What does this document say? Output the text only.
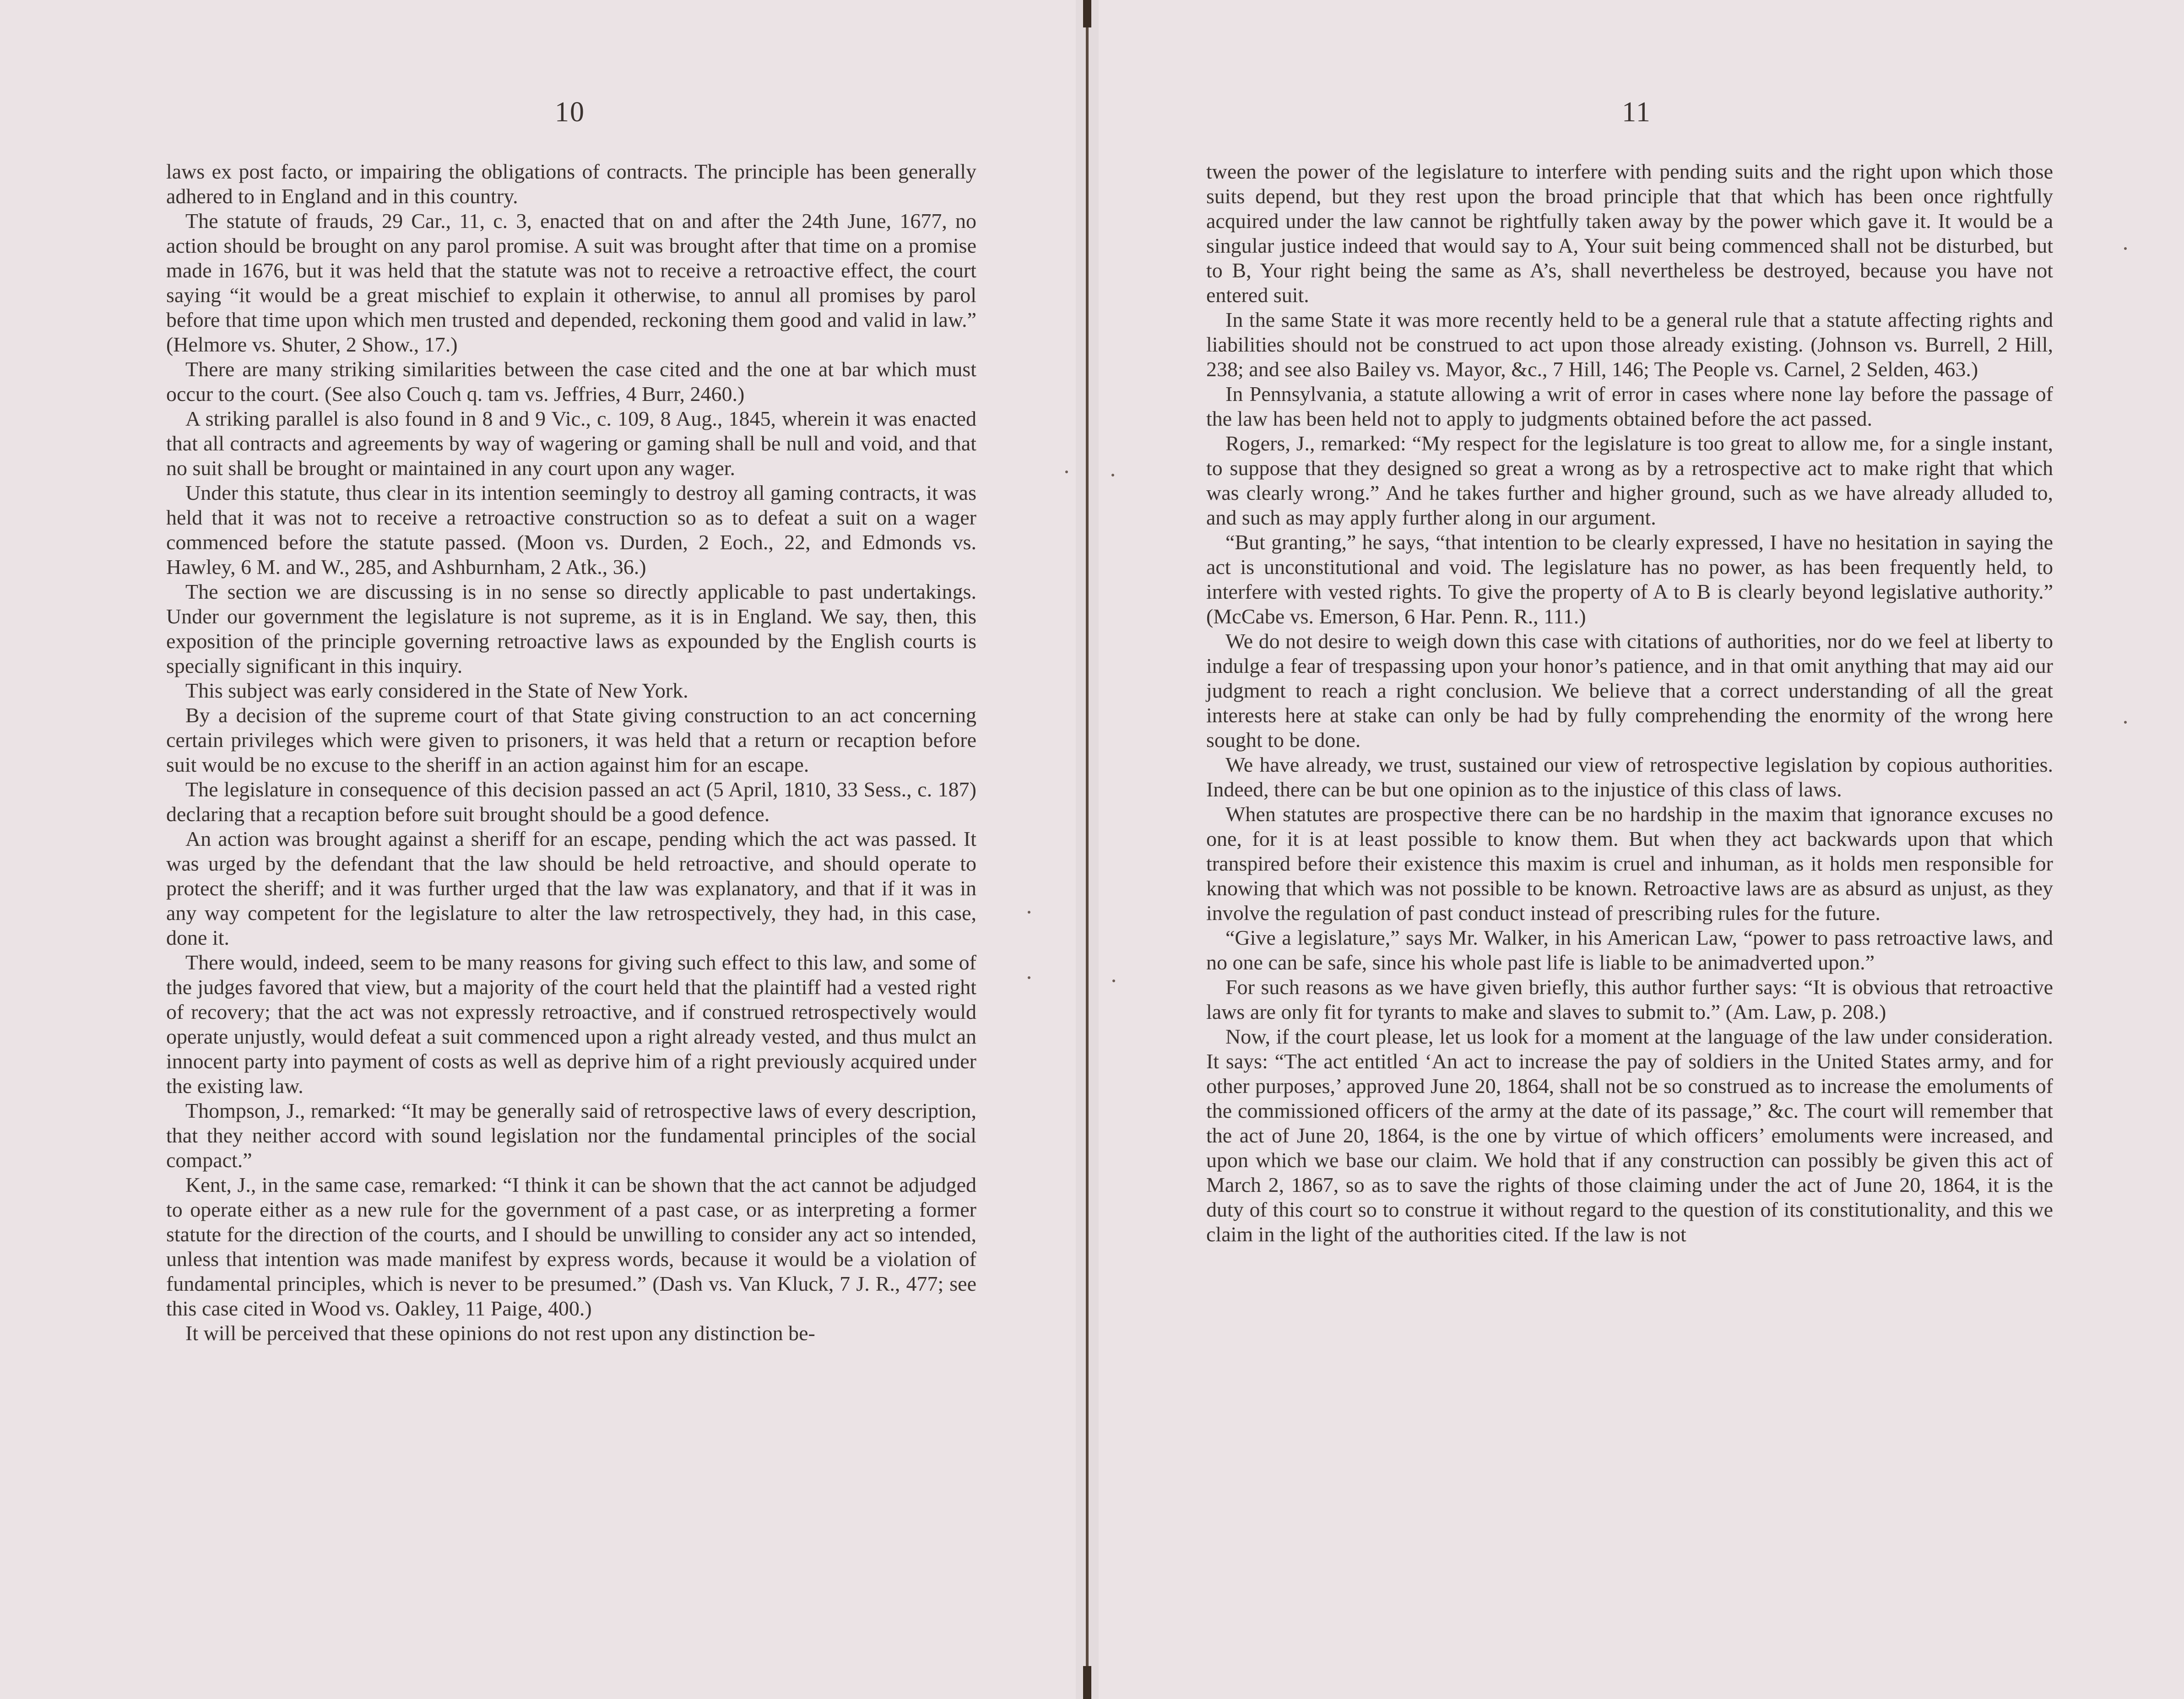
10

laws ex post facto, or impairing the obligations of contracts. The principle has been generally adhered to in England and in this country.

The statute of frauds, 29 Car., 11, c. 3, enacted that on and after the 24th June, 1677, no action should be brought on any parol promise. A suit was brought after that time on a promise made in 1676, but it was held that the statute was not to receive a retroactive effect, the court saying “it would be a great mischief to explain it otherwise, to annul all promises by parol before that time upon which men trusted and depended, reckoning them good and valid in law.” (Helmore vs. Shuter, 2 Show., 17.)

There are many striking similarities between the case cited and the one at bar which must occur to the court. (See also Couch q. tam vs. Jeffries, 4 Burr, 2460.)

A striking parallel is also found in 8 and 9 Vic., c. 109, 8 Aug., 1845, wherein it was enacted that all contracts and agreements by way of wagering or gaming shall be null and void, and that no suit shall be brought or maintained in any court upon any wager.

Under this statute, thus clear in its intention seemingly to destroy all gaming contracts, it was held that it was not to receive a retroactive construction so as to defeat a suit on a wager commenced before the statute passed. (Moon vs. Durden, 2 Eoch., 22, and Edmonds vs. Hawley, 6 M. and W., 285, and Ashburnham, 2 Atk., 36.)

The section we are discussing is in no sense so directly applicable to past undertakings. Under our government the legislature is not supreme, as it is in England. We say, then, this exposition of the principle governing retroactive laws as expounded by the English courts is specially significant in this inquiry.

This subject was early considered in the State of New York.

By a decision of the supreme court of that State giving construction to an act concerning certain privileges which were given to prisoners, it was held that a return or recaption before suit would be no excuse to the sheriff in an action against him for an escape.

The legislature in consequence of this decision passed an act (5 April, 1810, 33 Sess., c. 187) declaring that a recaption before suit brought should be a good defence.

An action was brought against a sheriff for an escape, pending which the act was passed. It was urged by the defendant that the law should be held retroactive, and should operate to protect the sheriff; and it was further urged that the law was explanatory, and that if it was in any way competent for the legislature to alter the law retrospectively, they had, in this case, done it.

There would, indeed, seem to be many reasons for giving such effect to this law, and some of the judges favored that view, but a majority of the court held that the plaintiff had a vested right of recovery; that the act was not expressly retroactive, and if construed retrospectively would operate unjustly, would defeat a suit commenced upon a right already vested, and thus mulct an innocent party into payment of costs as well as deprive him of a right previously acquired under the existing law.

Thompson, J., remarked: “It may be generally said of retrospective laws of every description, that they neither accord with sound legislation nor the fundamental principles of the social compact.”

Kent, J., in the same case, remarked: “I think it can be shown that the act cannot be adjudged to operate either as a new rule for the government of a past case, or as interpreting a former statute for the direction of the courts, and I should be unwilling to consider any act so intended, unless that intention was made manifest by express words, because it would be a violation of fundamental principles, which is never to be presumed.” (Dash vs. Van Kluck, 7 J. R., 477; see this case cited in Wood vs. Oakley, 11 Paige, 400.)

It will be perceived that these opinions do not rest upon any distinction be-

11

tween the power of the legislature to interfere with pending suits and the right upon which those suits depend, but they rest upon the broad principle that that which has been once rightfully acquired under the law cannot be rightfully taken away by the power which gave it. It would be a singular justice indeed that would say to A, Your suit being commenced shall not be disturbed, but to B, Your right being the same as A’s, shall nevertheless be destroyed, because you have not entered suit.

In the same State it was more recently held to be a general rule that a statute affecting rights and liabilities should not be construed to act upon those already existing. (Johnson vs. Burrell, 2 Hill, 238; and see also Bailey vs. Mayor, &c., 7 Hill, 146; The People vs. Carnel, 2 Selden, 463.)

In Pennsylvania, a statute allowing a writ of error in cases where none lay before the passage of the law has been held not to apply to judgments obtained before the act passed.

Rogers, J., remarked: “My respect for the legislature is too great to allow me, for a single instant, to suppose that they designed so great a wrong as by a retrospective act to make right that which was clearly wrong.” And he takes further and higher ground, such as we have already alluded to, and such as may apply further along in our argument.

“But granting,” he says, “that intention to be clearly expressed, I have no hesitation in saying the act is unconstitutional and void. The legislature has no power, as has been frequently held, to interfere with vested rights. To give the property of A to B is clearly beyond legislative authority.” (McCabe vs. Emerson, 6 Har. Penn. R., 111.)

We do not desire to weigh down this case with citations of authorities, nor do we feel at liberty to indulge a fear of trespassing upon your honor’s patience, and in that omit anything that may aid our judgment to reach a right conclusion. We believe that a correct understanding of all the great interests here at stake can only be had by fully comprehending the enormity of the wrong here sought to be done.

We have already, we trust, sustained our view of retrospective legislation by copious authorities. Indeed, there can be but one opinion as to the injustice of this class of laws.

When statutes are prospective there can be no hardship in the maxim that ignorance excuses no one, for it is at least possible to know them. But when they act backwards upon that which transpired before their existence this maxim is cruel and inhuman, as it holds men responsible for knowing that which was not possible to be known. Retroactive laws are as absurd as unjust, as they involve the regulation of past conduct instead of prescribing rules for the future.

“Give a legislature,” says Mr. Walker, in his American Law, “power to pass retroactive laws, and no one can be safe, since his whole past life is liable to be animadverted upon.”

For such reasons as we have given briefly, this author further says: “It is obvious that retroactive laws are only fit for tyrants to make and slaves to submit to.” (Am. Law, p. 208.)

Now, if the court please, let us look for a moment at the language of the law under consideration. It says: “The act entitled ‘An act to increase the pay of soldiers in the United States army, and for other purposes,’ approved June 20, 1864, shall not be so construed as to increase the emoluments of the commissioned officers of the army at the date of its passage,” &c. The court will remember that the act of June 20, 1864, is the one by virtue of which officers’ emoluments were increased, and upon which we base our claim. We hold that if any construction can possibly be given this act of March 2, 1867, so as to save the rights of those claiming under the act of June 20, 1864, it is the duty of this court so to construe it without regard to the question of its constitutionality, and this we claim in the light of the authorities cited. If the law is not
